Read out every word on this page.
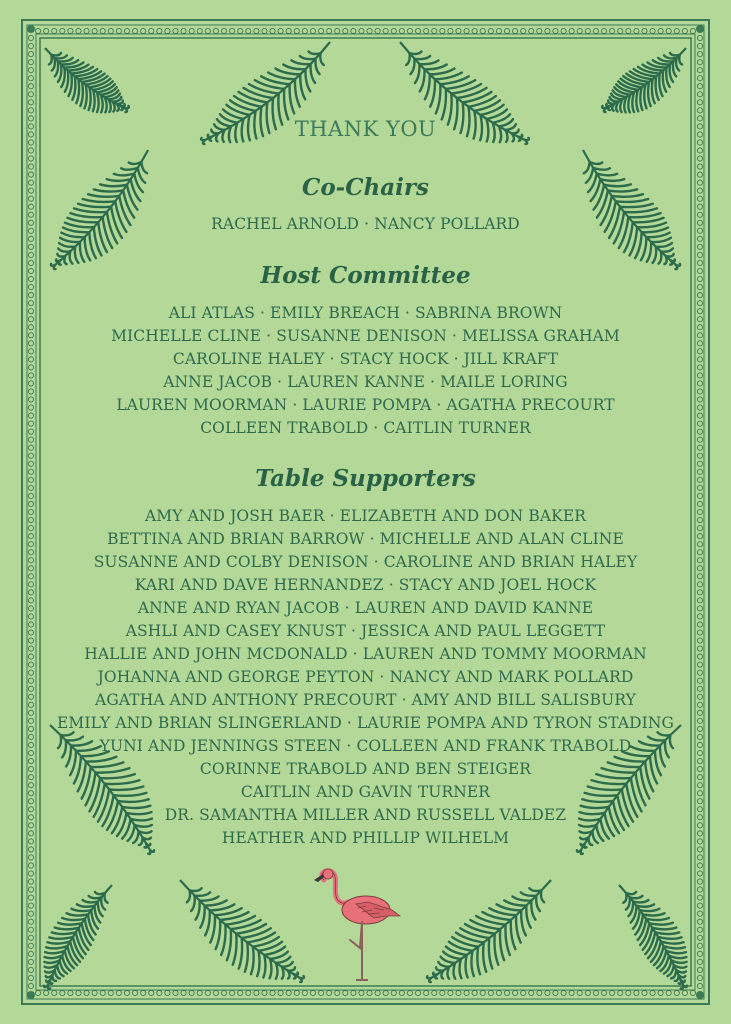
THANK YOU
Co-Chairs
RACHEL ARNOLD · NANCY POLLARD
Host Committee
ALI ATLAS · EMILY BREACH · SABRINA BROWN
MICHELLE CLINE · SUSANNE DENISON · MELISSA GRAHAM
CAROLINE HALEY · STACY HOCK · JILL KRAFT
ANNE JACOB · LAUREN KANNE · MAILE LORING
LAUREN MOORMAN · LAURIE POMPA · AGATHA PRECOURT
COLLEEN TRABOLD · CAITLIN TURNER
Table Supporters
AMY AND JOSH BAER · ELIZABETH AND DON BAKER
BETTINA AND BRIAN BARROW · MICHELLE AND ALAN CLINE
SUSANNE AND COLBY DENISON · CAROLINE AND BRIAN HALEY
KARI AND DAVE HERNANDEZ · STACY AND JOEL HOCK
ANNE AND RYAN JACOB · LAUREN AND DAVID KANNE
ASHLI AND CASEY KNUST · JESSICA AND PAUL LEGGETT
HALLIE AND JOHN MCDONALD · LAUREN AND TOMMY MOORMAN
JOHANNA AND GEORGE PEYTON · NANCY AND MARK POLLARD
AGATHA AND ANTHONY PRECOURT · AMY AND BILL SALISBURY
EMILY AND BRIAN SLINGERLAND · LAURIE POMPA AND TYRON STADING
YUNI AND JENNINGS STEEN · COLLEEN AND FRANK TRABOLD
CORINNE TRABOLD AND BEN STEIGER
CAITLIN AND GAVIN TURNER
DR. SAMANTHA MILLER AND RUSSELL VALDEZ
HEATHER AND PHILLIP WILHELM
